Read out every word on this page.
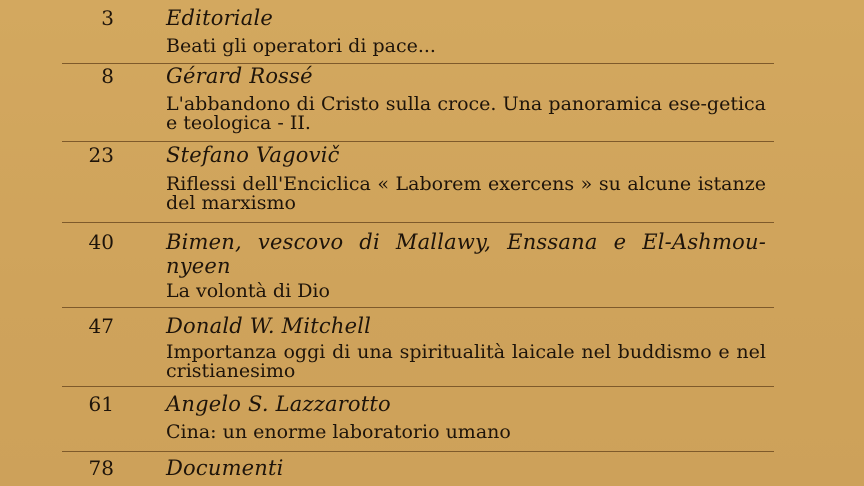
3 Editoriale
Beati gli operatori di pace...
8 Gérard Rossé
L'abbandono di Cristo sulla croce. Una panoramica ese-getica e teologica - II.
23 Stefano Vagovič
Riflessi dell'Enciclica « Laborem exercens » su alcune istanze del marxismo
40 Bimen, vescovo di Mallawy, Enssana e El-Ashmou-nyeen
La volontà di Dio
47 Donald W. Mitchell
Importanza oggi di una spiritualità laicale nel buddismo e nel cristianesimo
61 Angelo S. Lazzarotto
Cina: un enorme laboratorio umano
78 Documenti
